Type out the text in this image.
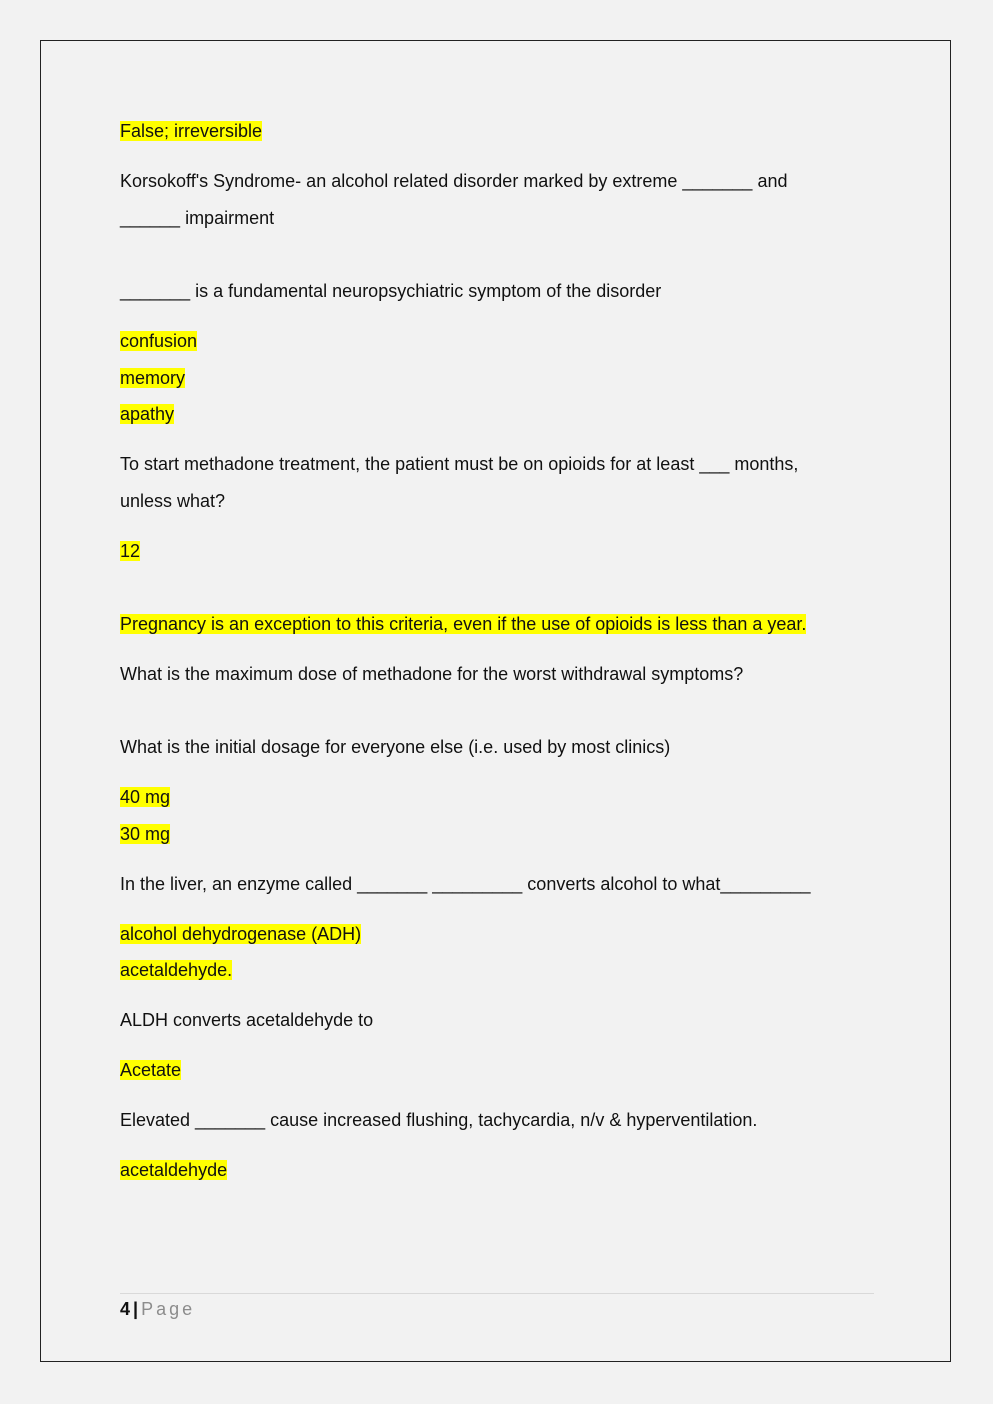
False; irreversible
Korsokoff's Syndrome- an alcohol related disorder marked by extreme _______ and
______ impairment
_______ is a fundamental neuropsychiatric symptom of the disorder
confusion
memory
apathy
To start methadone treatment, the patient must be on opioids for at least ___ months,
unless what?
12
Pregnancy is an exception to this criteria, even if the use of opioids is less than a year.
What is the maximum dose of methadone for the worst withdrawal symptoms?
What is the initial dosage for everyone else (i.e. used by most clinics)
40 mg
30 mg
In the liver, an enzyme called _______ _________ converts alcohol to what_________
alcohol dehydrogenase (ADH)
acetaldehyde.
ALDH converts acetaldehyde to
Acetate
Elevated _______ cause increased flushing, tachycardia, n/v & hyperventilation.
acetaldehyde
4 | Page
